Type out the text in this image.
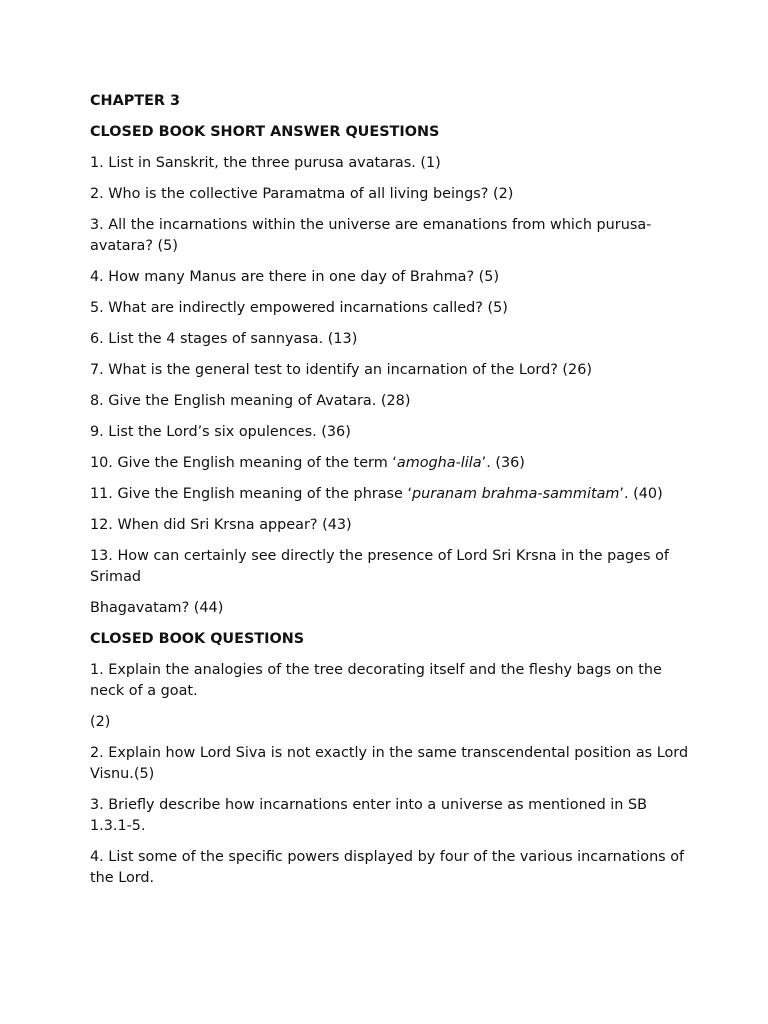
CHAPTER 3

CLOSED BOOK SHORT ANSWER QUESTIONS

1. List in Sanskrit, the three purusa avataras. (1)

2. Who is the collective Paramatma of all living beings? (2)

3. All the incarnations within the universe are emanations from which purusa-avatara? (5)

4. How many Manus are there in one day of Brahma? (5)

5. What are indirectly empowered incarnations called? (5)

6. List the 4 stages of sannyasa. (13)

7. What is the general test to identify an incarnation of the Lord? (26)

8. Give the English meaning of Avatara. (28)

9. List the Lord’s six opulences. (36)

10. Give the English meaning of the term ‘amogha-lila’. (36)

11. Give the English meaning of the phrase ‘puranam brahma-sammitam’. (40)

12. When did Sri Krsna appear? (43)

13. How can certainly see directly the presence of Lord Sri Krsna in the pages of Srimad

Bhagavatam? (44)

CLOSED BOOK QUESTIONS

1. Explain the analogies of the tree decorating itself and the fleshy bags on the neck of a goat.

(2)

2. Explain how Lord Siva is not exactly in the same transcendental position as Lord Visnu.(5)

3. Briefly describe how incarnations enter into a universe as mentioned in SB 1.3.1-5.

4. List some of the specific powers displayed by four of the various incarnations of the Lord.
